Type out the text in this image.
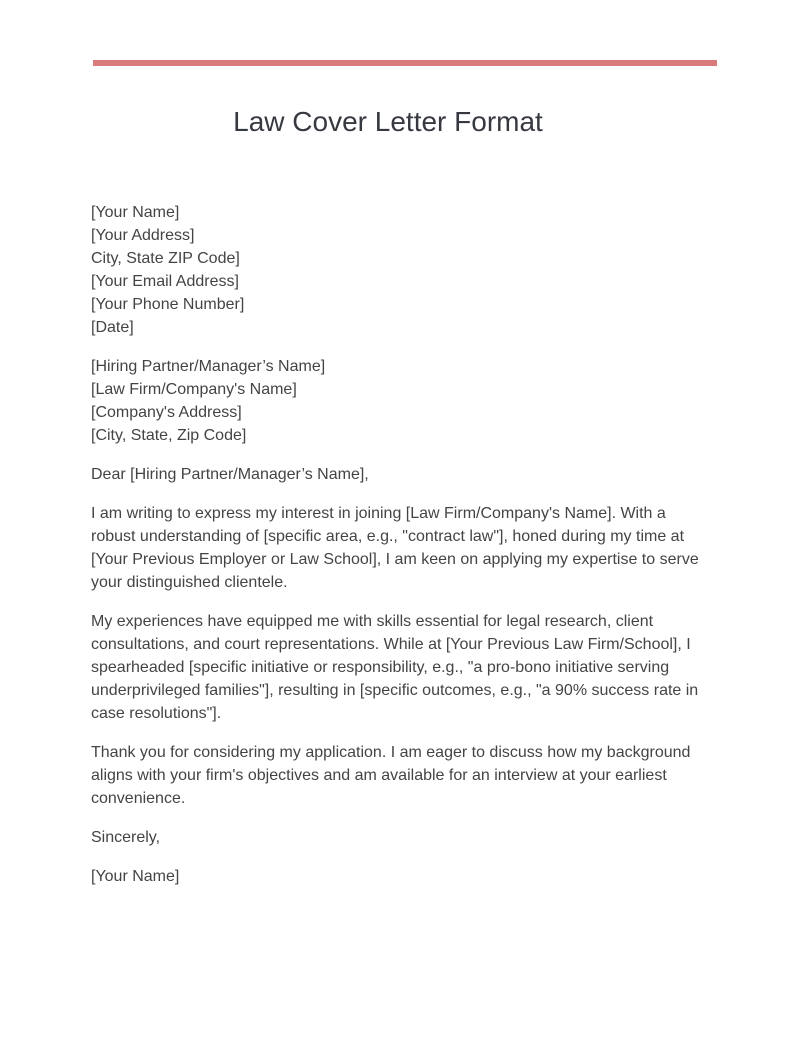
Law Cover Letter Format
[Your Name]
[Your Address]
City, State ZIP Code]
[Your Email Address]
[Your Phone Number]
[Date]
[Hiring Partner/Manager’s Name]
[Law Firm/Company's Name]
[Company's Address]
[City, State, Zip Code]

Dear [Hiring Partner/Manager’s Name],

I am writing to express my interest in joining [Law Firm/Company's Name]. With a robust understanding of [specific area, e.g., "contract law"], honed during my time at [Your Previous Employer or Law School], I am keen on applying my expertise to serve your distinguished clientele.

My experiences have equipped me with skills essential for legal research, client consultations, and court representations. While at [Your Previous Law Firm/School], I spearheaded [specific initiative or responsibility, e.g., "a pro-bono initiative serving underprivileged families"], resulting in [specific outcomes, e.g., "a 90% success rate in case resolutions"].

Thank you for considering my application. I am eager to discuss how my background aligns with your firm's objectives and am available for an interview at your earliest convenience.

Sincerely,

[Your Name]
